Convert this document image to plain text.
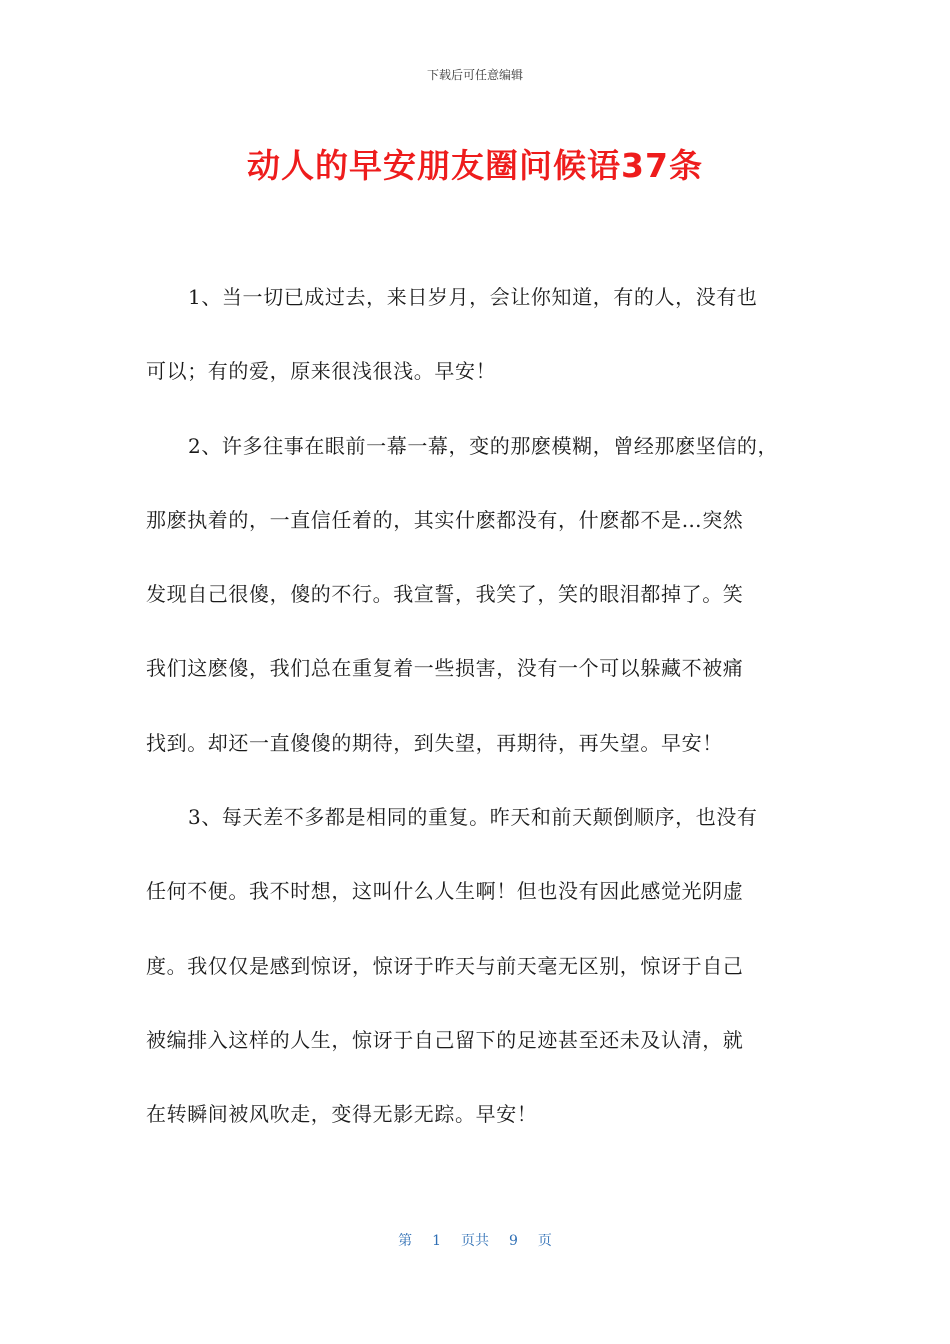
下载后可任意编辑
动人的早安朋友圈问候语37条
1、当一切已成过去，来日岁月，会让你知道，有的人，没有也
可以；有的爱，原来很浅很浅。早安！
2、许多往事在眼前一幕一幕，变的那麽模糊，曾经那麽坚信的，
那麽执着的，一直信任着的，其实什麽都没有，什麽都不是…突然
发现自己很傻，傻的不行。我宣誓，我笑了，笑的眼泪都掉了。笑
我们这麽傻，我们总在重复着一些损害，没有一个可以躲藏不被痛
找到。却还一直傻傻的期待，到失望，再期待，再失望。早安！
3、每天差不多都是相同的重复。昨天和前天颠倒顺序，也没有
任何不便。我不时想，这叫什么人生啊！但也没有因此感觉光阴虚
度。我仅仅是感到惊讶，惊讶于昨天与前天毫无区别，惊讶于自己
被编排入这样的人生，惊讶于自己留下的足迹甚至还未及认清，就
在转瞬间被风吹走，变得无影无踪。早安！
第 1 页共 9 页
